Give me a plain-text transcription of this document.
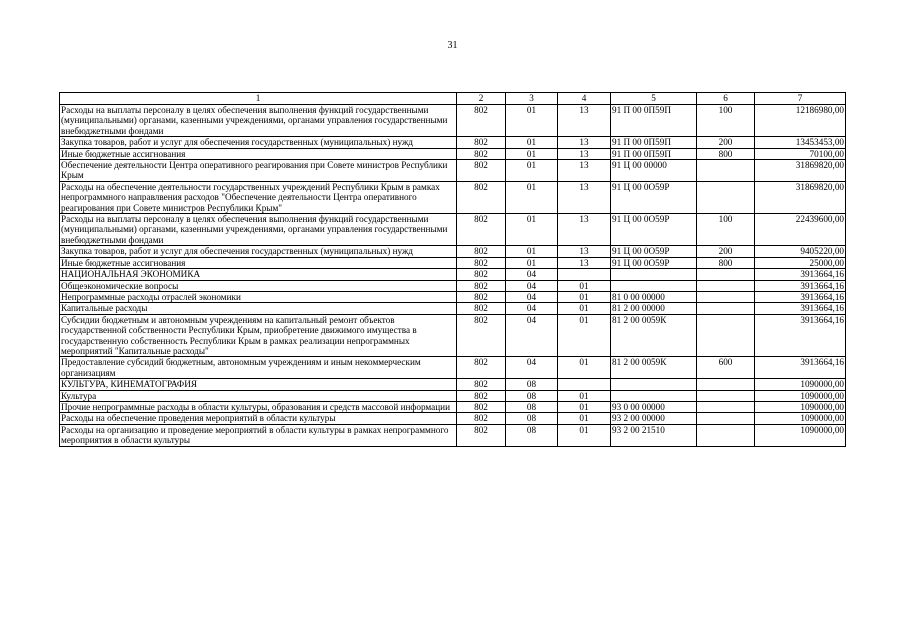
31
1	2	3	4	5	6	7
Расходы на выплаты персоналу в целях обеспечения выполнения функций государственными (муниципальными) органами, казенными учреждениями, органами управления государственными внебюджетными фондами	802	01	13	91 П 00 0П59П	100	12186980,00
Закупка товаров, работ и услуг для обеспечения государственных (муниципальных) нужд	802	01	13	91 П 00 0П59П	200	13453453,00
Иные бюджетные ассигнования	802	01	13	91 П 00 0П59П	800	70100,00
Обеспечение деятельности Центра оперативного реагирования при Совете министров Республики Крым	802	01	13	91 Ц 00 00000		31869820,00
Расходы на обеспечение деятельности государственных учреждений Республики Крым в рамках непрограммного направлвения расходов "Обеспечение деятельности Центра оперативного реагирования при Совете министров Республики Крым"	802	01	13	91 Ц 00 0О59Р		31869820,00
Расходы на выплаты персоналу в целях обеспечения выполнения функций государственными (муниципальными) органами, казенными учреждениями, органами управления государственными внебюджетными фондами	802	01	13	91 Ц 00 0О59Р	100	22439600,00
Закупка товаров, работ и услуг для обеспечения государственных (муниципальных) нужд	802	01	13	91 Ц 00 0О59Р	200	9405220,00
Иные бюджетные ассигнования	802	01	13	91 Ц 00 0О59Р	800	25000,00
НАЦИОНАЛЬНАЯ ЭКОНОМИКА	802	04				3913664,16
Общеэкономические вопросы	802	04	01			3913664,16
Непрограммные расходы отраслей экономики	802	04	01	81 0 00 00000		3913664,16
Капитальные расходы	802	04	01	81 2 00 00000		3913664,16
Субсидии бюджетным и автономным учреждениям на капитальный ремонт объектов государственной собственности Республики Крым, приобретение движимого имущества в государственную собственность Республики Крым в рамках реализации непрограммных мероприятий "Капитальные расходы"	802	04	01	81 2 00 0059К		3913664,16
Предоставление субсидий бюджетным, автономным учреждениям и иным некоммерческим организациям	802	04	01	81 2 00 0059К	600	3913664,16
КУЛЬТУРА, КИНЕМАТОГРАФИЯ	802	08				1090000,00
Культура	802	08	01			1090000,00
Прочие непрограммные расходы в области культуры, образования и средств массовой информации	802	08	01	93 0 00 00000		1090000,00
Расходы на обеспечение проведения мероприятий в области культуры	802	08	01	93 2 00 00000		1090000,00
Расходы на организацию и проведение мероприятий в области культуры в рамках непрограммного мероприятия в области культуры	802	08	01	93 2 00 21510		1090000,00
